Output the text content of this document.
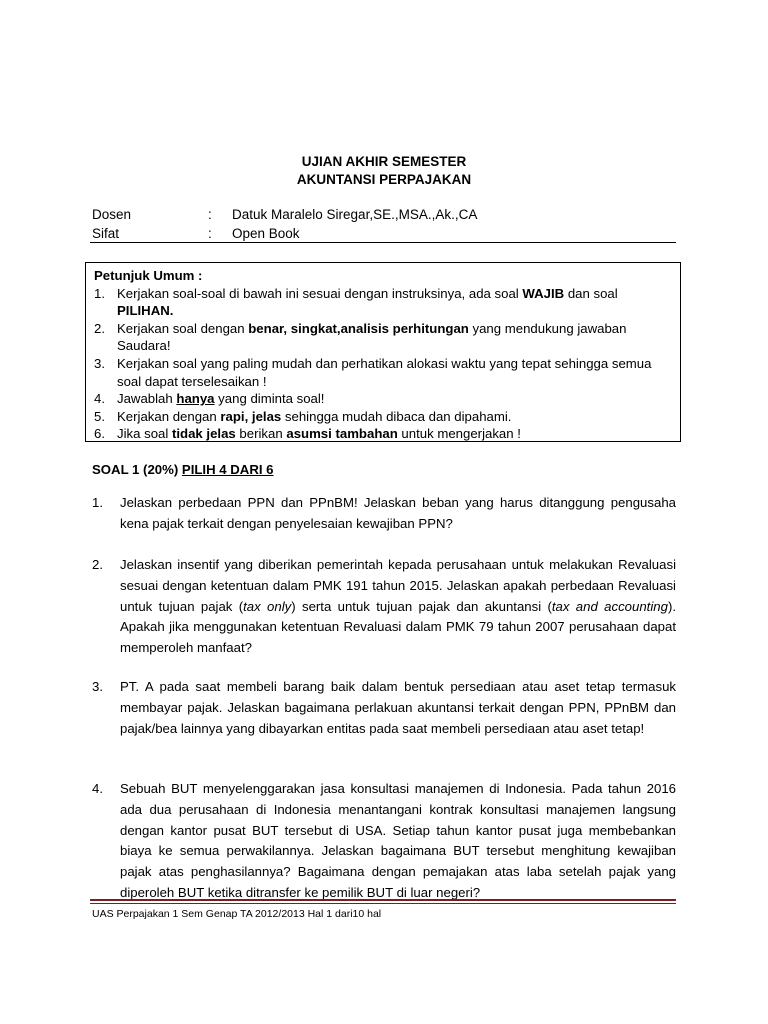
UJIAN AKHIR SEMESTER
AKUNTANSI PERPAJAKAN
Dosen	: Datuk Maralelo Siregar,SE.,MSA.,Ak.,CA
Sifat	: Open Book
Petunjuk Umum :
1. Kerjakan soal-soal di bawah ini sesuai dengan instruksinya, ada soal WAJIB dan soal PILIHAN.
2. Kerjakan soal dengan benar, singkat,analisis perhitungan yang mendukung jawaban Saudara!
3. Kerjakan soal yang paling mudah dan perhatikan alokasi waktu yang tepat sehingga semua soal dapat terselesaikan !
4. Jawablah hanya yang diminta soal!
5. Kerjakan dengan rapi, jelas sehingga mudah dibaca dan dipahami.
6. Jika soal tidak jelas berikan asumsi tambahan untuk mengerjakan !
SOAL 1 (20%) PILIH 4 DARI 6
1. Jelaskan perbedaan PPN dan PPnBM! Jelaskan beban yang harus ditanggung pengusaha kena pajak terkait dengan penyelesaian kewajiban PPN?
2. Jelaskan insentif yang diberikan pemerintah kepada perusahaan untuk melakukan Revaluasi sesuai dengan ketentuan dalam PMK 191 tahun 2015. Jelaskan apakah perbedaan Revaluasi untuk tujuan pajak (tax only) serta untuk tujuan pajak dan akuntansi (tax and accounting). Apakah jika menggunakan ketentuan Revaluasi dalam PMK 79 tahun 2007 perusahaan dapat memperoleh manfaat?
3. PT. A pada saat membeli barang baik dalam bentuk persediaan atau aset tetap termasuk membayar pajak. Jelaskan bagaimana perlakuan akuntansi terkait dengan PPN, PPnBM dan pajak/bea lainnya yang dibayarkan entitas pada saat membeli persediaan atau aset tetap!
4. Sebuah BUT menyelenggarakan jasa konsultasi manajemen di Indonesia. Pada tahun 2016 ada dua perusahaan di Indonesia menantangani kontrak konsultasi manajemen langsung dengan kantor pusat BUT tersebut di USA. Setiap tahun kantor pusat juga membebankan biaya ke semua perwakilannya. Jelaskan bagaimana BUT tersebut menghitung kewajiban pajak atas penghasilannya? Bagaimana dengan pemajakan atas laba setelah pajak yang diperoleh BUT ketika ditransfer ke pemilik BUT di luar negeri?
UAS Perpajakan 1 Sem Genap TA 2012/2013 Hal 1 dari10 hal
